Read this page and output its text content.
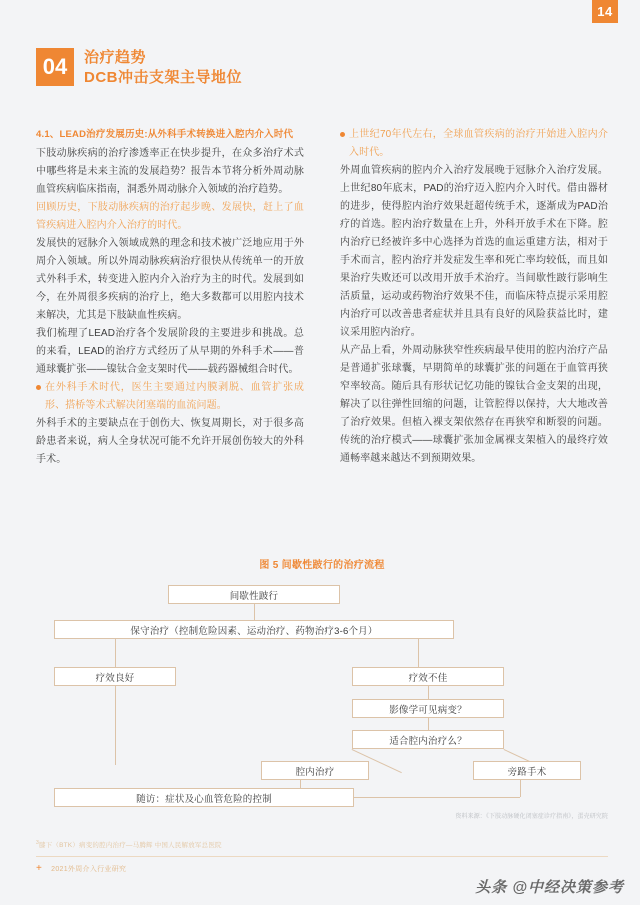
14
04	治疗趋势
DCB冲击支架主导地位
4.1、LEAD治疗发展历史:从外科手术转换进入腔内介入时代

下肢动脉疾病的治疗渗透率正在快步提升，在众多治疗术式中哪些将是未来主流的发展趋势？报告本节将分析外周动脉血管疾病临床指南，洞悉外周动脉介入领域的治疗趋势。

回顾历史，下肢动脉疾病的治疗起步晚、发展快，赶上了血管疾病进入腔内介入治疗的时代。

发展快的冠脉介入领域成熟的理念和技术被广泛地应用于外周介入领域。所以外周动脉疾病治疗很快从传统单一的开放式外科手术，转变进入腔内介入治疗为主的时代。发展到如今，在外周很多疾病的治疗上，绝大多数都可以用腔内技术来解决，尤其是下肢缺血性疾病。

我们梳理了LEAD治疗各个发展阶段的主要进步和挑战。总的来看，LEAD的治疗方式经历了从早期的外科手术——普通球囊扩张——镍钛合金支架时代——载药器械组合时代。

在外科手术时代，医生主要通过内膜剥脱、血管扩张成形、搭桥等术式解决闭塞端的血流问题。

外科手术的主要缺点在于创伤大、恢复周期长，对于很多高龄患者来说，病人全身状况可能不允许开展创伤较大的外科手术。

上世纪70年代左右，全球血管疾病的治疗开始进入腔内介入时代。

外周血管疾病的腔内介入治疗发展晚于冠脉介入治疗发展。上世纪80年底末，PAD的治疗迈入腔内介入时代。借由器材的进步，使得腔内治疗效果赶超传统手术，逐渐成为PAD治疗的首选。腔内治疗数量在上升，外科开放手术在下降。腔内治疗已经被许多中心选择为首选的血运重建方法，相对于手术而言，腔内治疗并发症发生率和死亡率均较低，而且如果治疗失败还可以改用开放手术治疗。当间歇性跛行影响生活质量，运动或药物治疗效果不佳，而临床特点提示采用腔内治疗可以改善患者症状并且具有良好的风险获益比时，建议采用腔内治疗。

从产品上看，外周动脉狭窄性疾病最早使用的腔内治疗产品是普通扩张球囊，早期简单的球囊扩张的问题在于血管再狭窄率较高。随后具有形状记忆功能的镍钛合金支架的出现，解决了以往弹性回缩的问题，让管腔得以保持，大大地改善了治疗效果。但植入裸支架依然存在再狭窄和断裂的问题。传统的治疗模式——球囊扩张加金属裸支架植入的最终疗效通畅率越来越达不到预期效果。

图 5 间歇性跛行的治疗流程
间歇性跛行
保守治疗（控制危险因素、运动治疗、药物治疗3-6个月）
疗效良好	疗效不佳
影像学可见病变？
适合腔内治疗么？
腔内治疗	旁路手术
随访：症状及心血管危险的控制
资料来源：《下肢动脉硬化闭塞症诊疗指南》，蛋壳研究院
$^3$膝下（BTK）病变的腔内治疗—马腾辉 中国人民解放军总医院
+ 2021外周介入行业研究
头条 @中经决策参考
